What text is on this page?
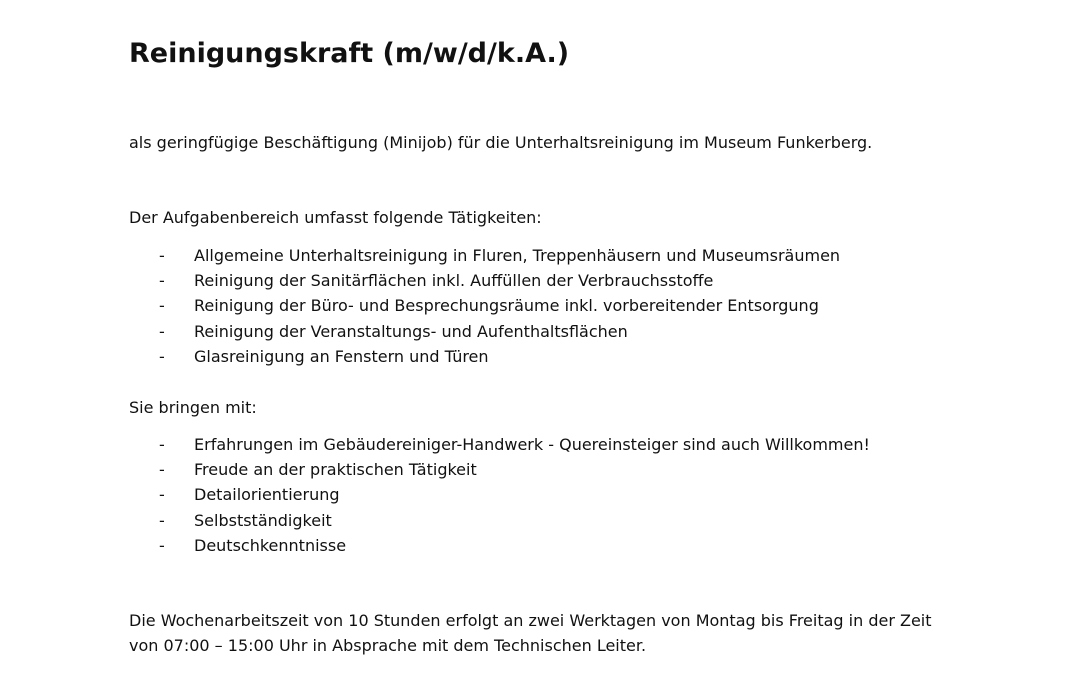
Reinigungskraft (m/w/d/k.A.)

als geringfügige Beschäftigung (Minijob) für die Unterhaltsreinigung im Museum Funkerberg.

Der Aufgabenbereich umfasst folgende Tätigkeiten:

- Allgemeine Unterhaltsreinigung in Fluren, Treppenhäusern und Museumsräumen
- Reinigung der Sanitärflächen inkl. Auffüllen der Verbrauchsstoffe
- Reinigung der Büro- und Besprechungsräume inkl. vorbereitender Entsorgung
- Reinigung der Veranstaltungs- und Aufenthaltsflächen
- Glasreinigung an Fenstern und Türen

Sie bringen mit:

- Erfahrungen im Gebäudereiniger-Handwerk - Quereinsteiger sind auch Willkommen!
- Freude an der praktischen Tätigkeit
- Detailorientierung
- Selbstständigkeit
- Deutschkenntnisse

Die Wochenarbeitszeit von 10 Stunden erfolgt an zwei Werktagen von Montag bis Freitag in der Zeit
von 07:00 – 15:00 Uhr in Absprache mit dem Technischen Leiter.
